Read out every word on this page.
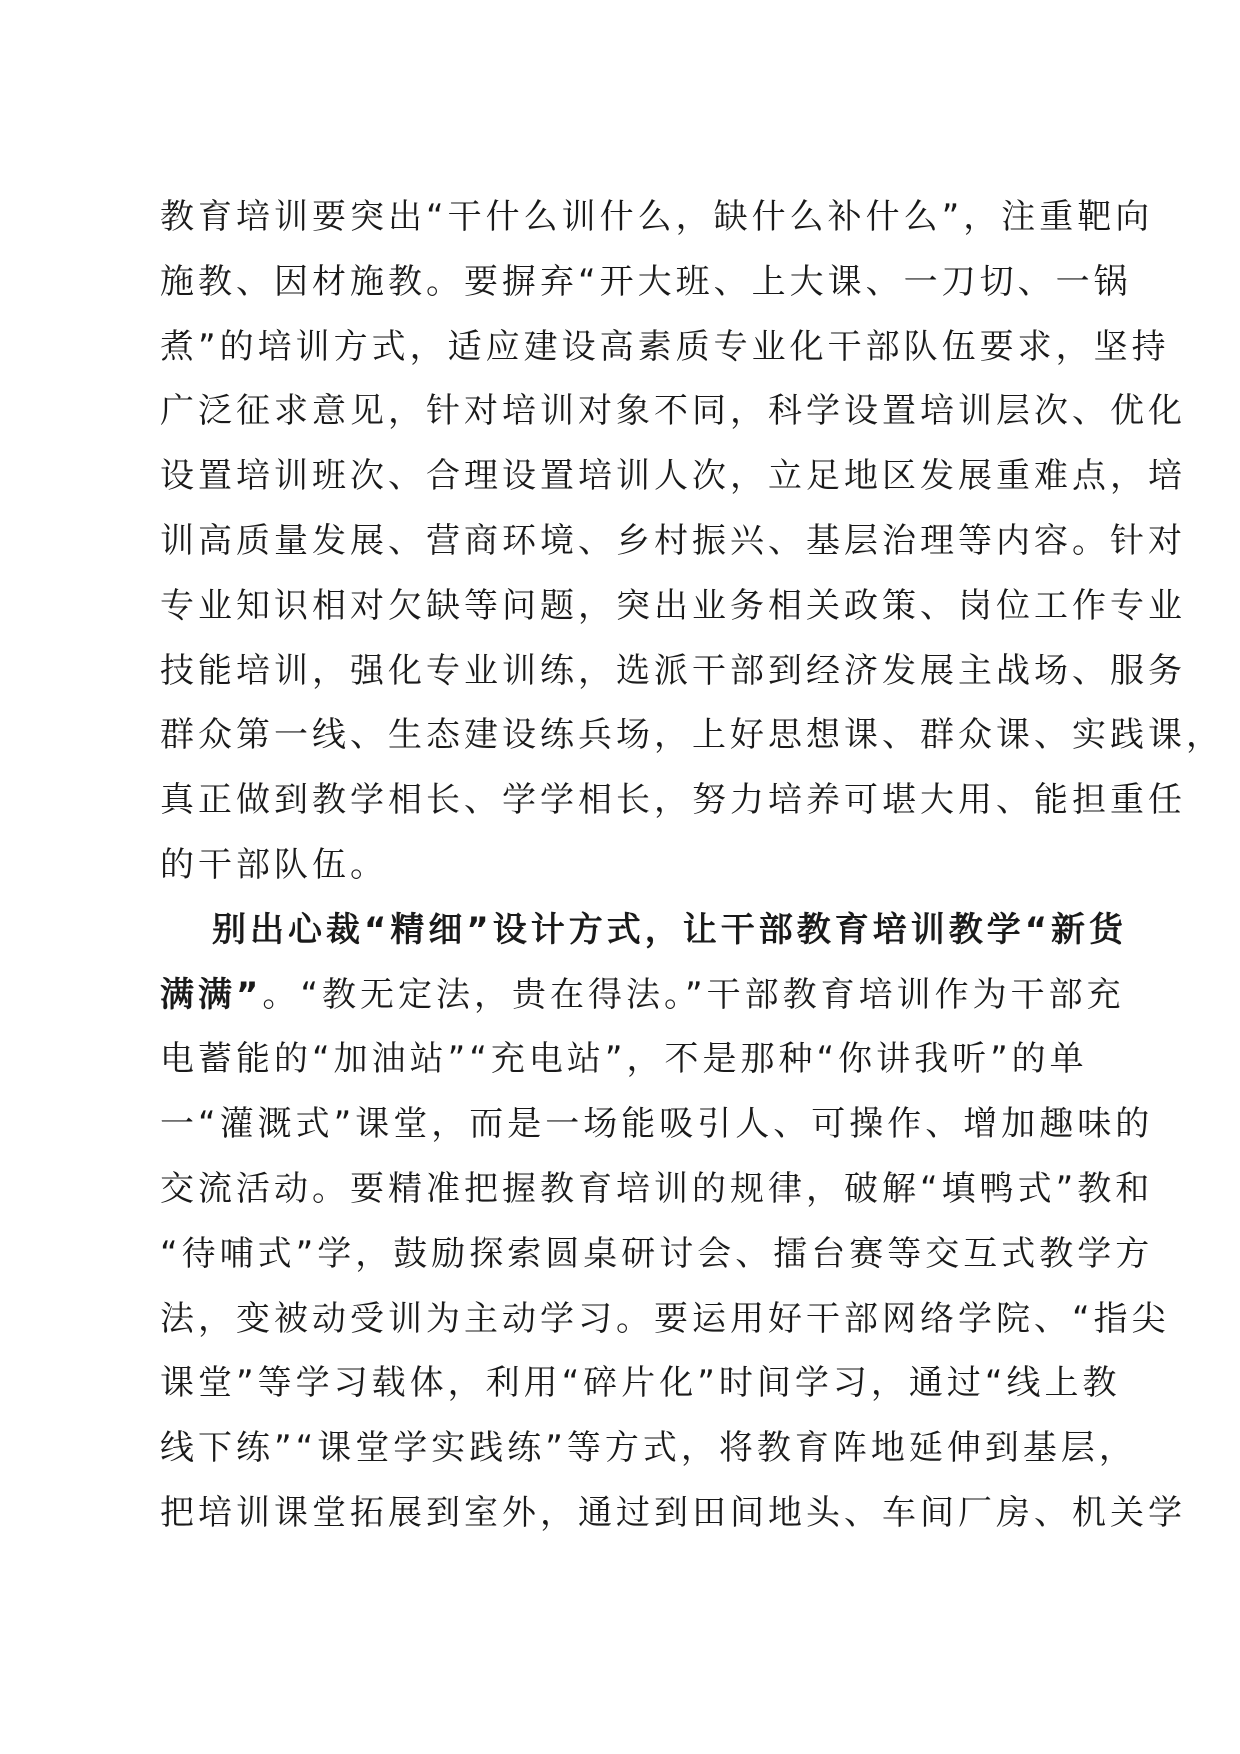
教育培训要突出“干什么训什么，缺什么补什么”，注重靶向
施教、因材施教。要摒弃“开大班、上大课、一刀切、一锅
煮”的培训方式，适应建设高素质专业化干部队伍要求，坚持
广泛征求意见，针对培训对象不同，科学设置培训层次、优化
设置培训班次、合理设置培训人次，立足地区发展重难点，培
训高质量发展、营商环境、乡村振兴、基层治理等内容。针对
专业知识相对欠缺等问题，突出业务相关政策、岗位工作专业
技能培训，强化专业训练，选派干部到经济发展主战场、服务
群众第一线、生态建设练兵场，上好思想课、群众课、实践课，
真正做到教学相长、学学相长，努力培养可堪大用、能担重任
的干部队伍。
别出心裁“精细”设计方式，让干部教育培训教学“新货
满满”。“教无定法，贵在得法。”干部教育培训作为干部充
电蓄能的“加油站”“充电站”，不是那种“你讲我听”的单
一“灌溉式”课堂，而是一场能吸引人、可操作、增加趣味的
交流活动。要精准把握教育培训的规律，破解“填鸭式”教和
“待哺式”学，鼓励探索圆桌研讨会、擂台赛等交互式教学方
法，变被动受训为主动学习。要运用好干部网络学院、“指尖
课堂”等学习载体，利用“碎片化”时间学习，通过“线上教
线下练”“课堂学实践练”等方式，将教育阵地延伸到基层，
把培训课堂拓展到室外，通过到田间地头、车间厂房、机关学
